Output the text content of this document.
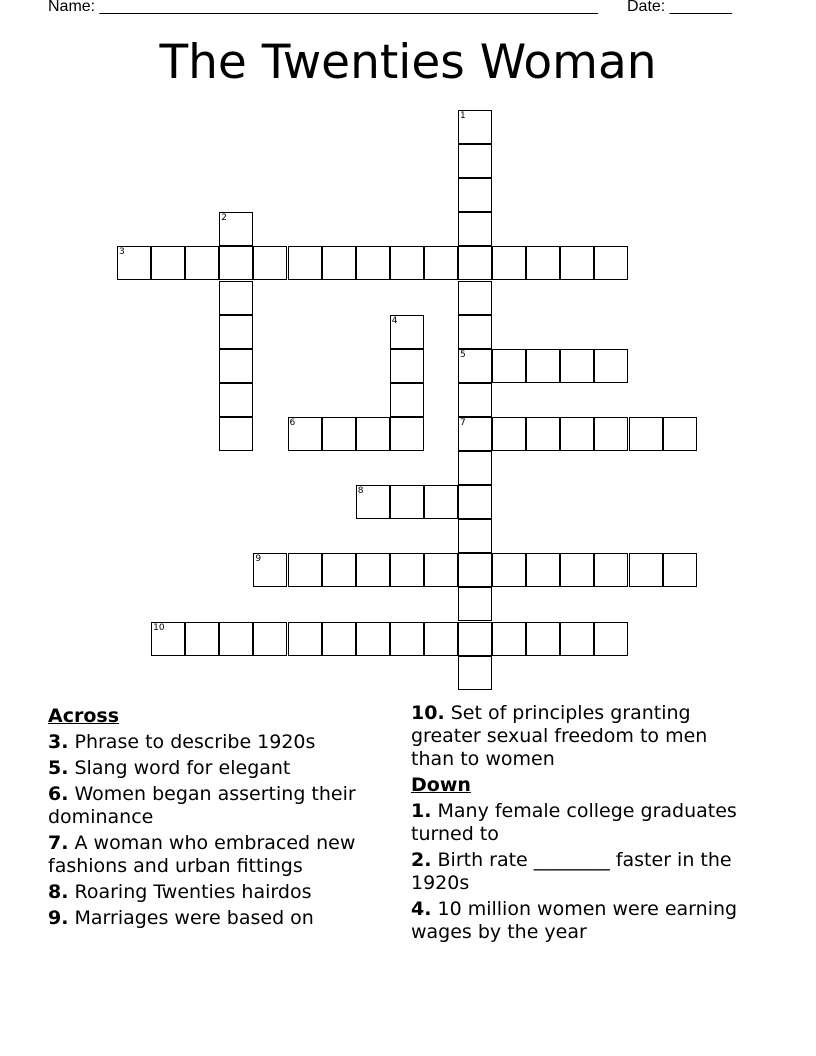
Name: ________________________________________________________ Date: _______
The Twenties Woman
1
5
7
2
3
4
6
8
9
10
Across
3. Phrase to describe 1920s
5. Slang word for elegant
6. Women began asserting their dominance
7. A woman who embraced new fashions and urban fittings
8. Roaring Twenties hairdos
9. Marriages were based on
10. Set of principles granting greater sexual freedom to men than to women
Down
1. Many female college graduates turned to
2. Birth rate ________ faster in the 1920s
4. 10 million women were earning wages by the year
